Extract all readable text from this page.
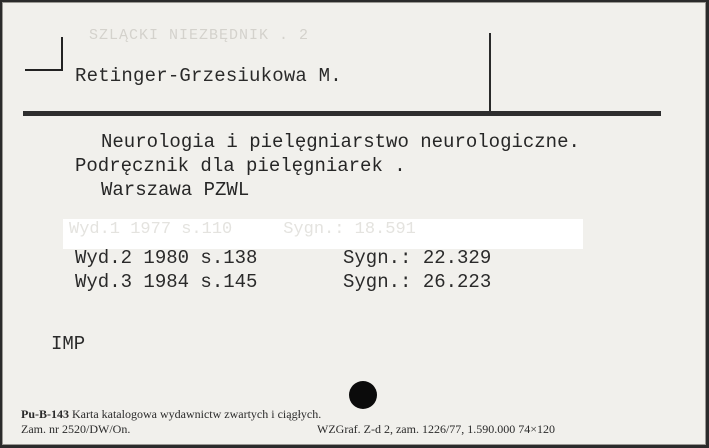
SZLĄCKI NIEZBĘDNIK . 2
Retinger-Grzesiukowa M.
Neurologia i pielęgniarstwo neurologiczne.
Podręcznik dla pielęgniarek .
Warszawa PZWL
Wyd.1 1977 s.110     Sygn.: 18.591
Wyd.2 1980 s.138	Sygn.: 22.329
Wyd.3 1984 s.145	Sygn.: 26.223
IMP
Pu-B-143 Karta katalogowa wydawnictw zwartych i ciągłych.
Zam. nr 2520/DW/On.	WZGraf. Z-d 2, zam. 1226/77, 1.590.000 74×120
